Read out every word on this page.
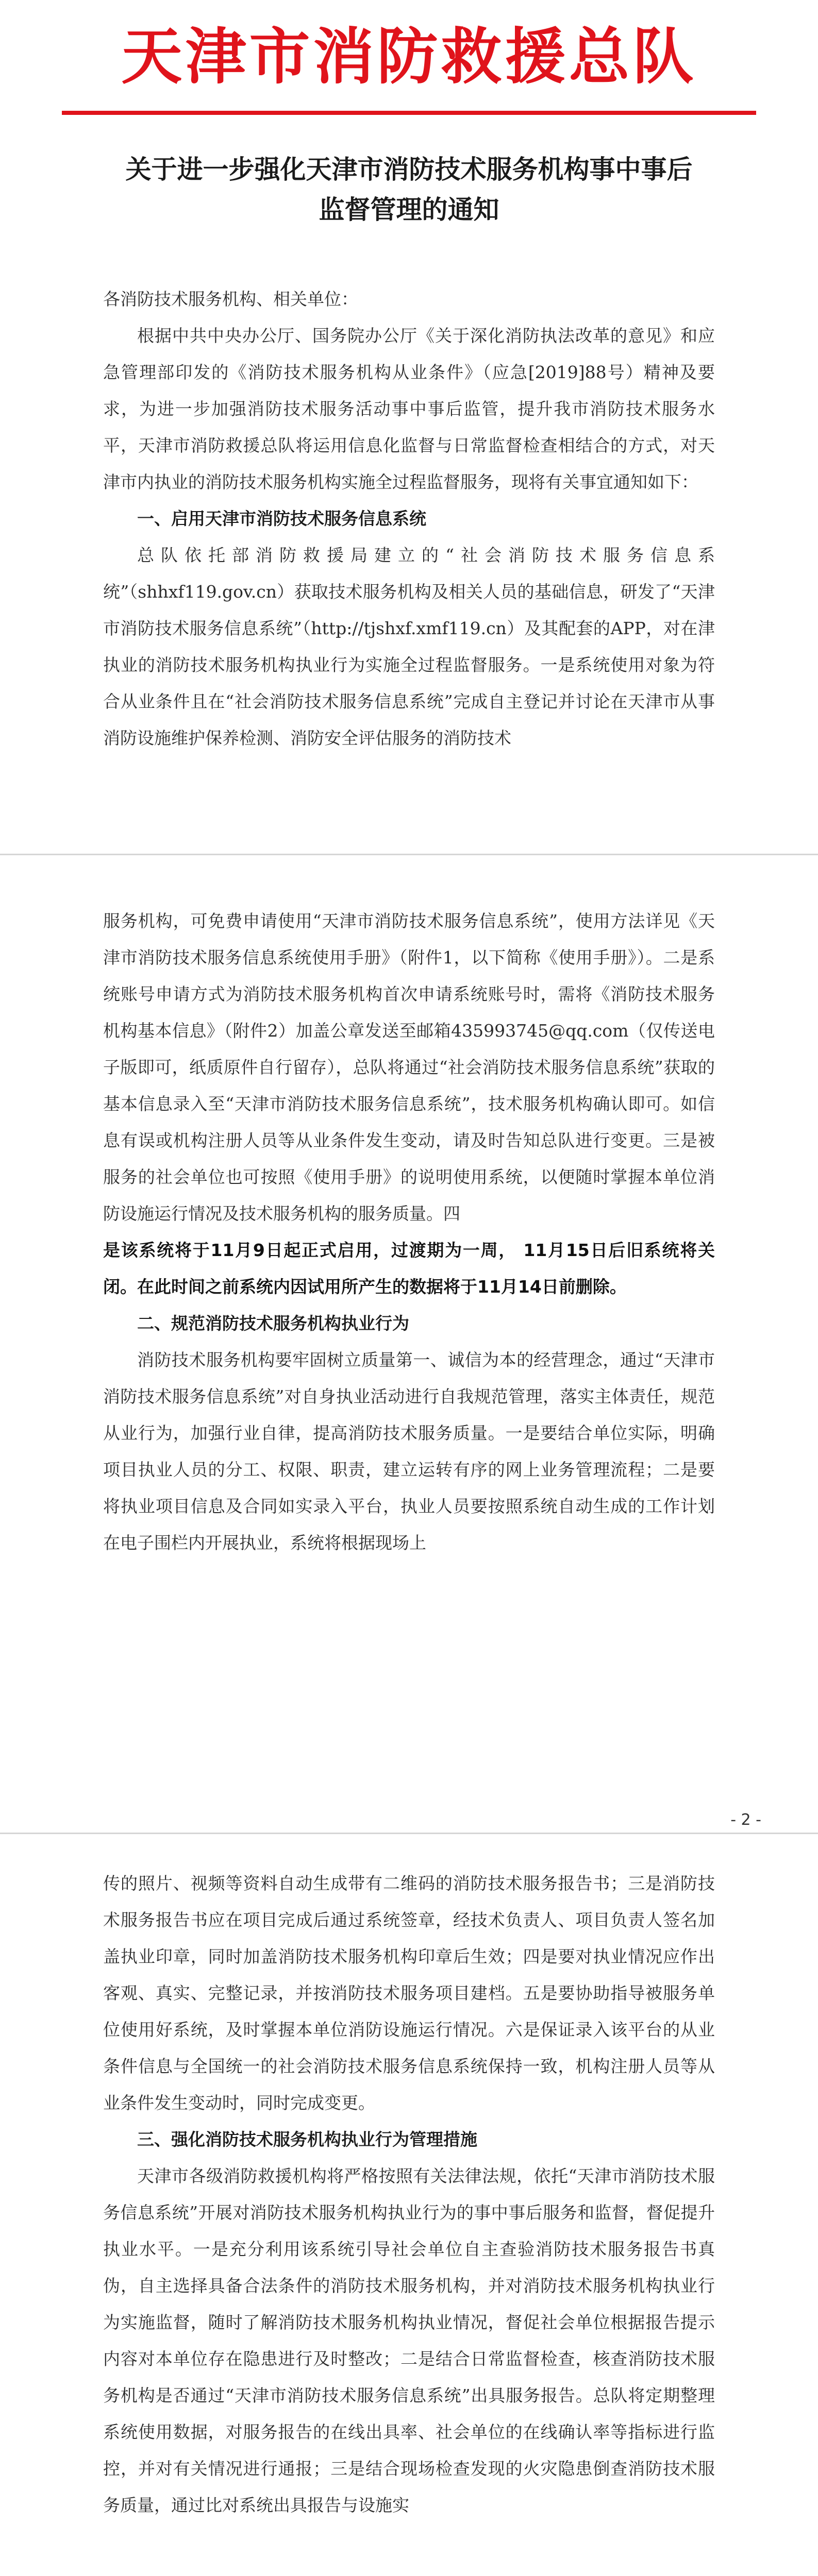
天津市消防救援总队
关于进一步强化天津市消防技术服务机构事中事后监督管理的通知

各消防技术服务机构、相关单位：

根据中共中央办公厅、国务院办公厅《关于深化消防执法改革的意见》和应急管理部印发的《消防技术服务机构从业条件》（应急[2019]88号）精神及要求，为进一步加强消防技术服务活动事中事后监管，提升我市消防技术服务水平，天津市消防救援总队将运用信息化监督与日常监督检查相结合的方式，对天津市内执业的消防技术服务机构实施全过程监督服务，现将有关事宜通知如下：

一、启用天津市消防技术服务信息系统

总队依托部消防救援局建立的“社会消防技术服务信息系统”（shhxf119.gov.cn）获取技术服务机构及相关人员的基础信息，研发了“天津市消防技术服务信息系统”（http://tjshxf.xmf119.cn）及其配套的APP，对在津执业的消防技术服务机构执业行为实施全过程监督服务。一是系统使用对象为符合从业条件且在“社会消防技术服务信息系统”完成自主登记并讨论在天津市从事消防设施维护保养检测、消防安全评估服务的消防技术

服务机构，可免费申请使用“天津市消防技术服务信息系统”，使用方法详见《天津市消防技术服务信息系统使用手册》（附件1，以下简称《使用手册》）。二是系统账号申请方式为消防技术服务机构首次申请系统账号时，需将《消防技术服务机构基本信息》（附件2）加盖公章发送至邮箱435993745@qq.com（仅传送电子版即可，纸质原件自行留存），总队将通过“社会消防技术服务信息系统”获取的基本信息录入至“天津市消防技术服务信息系统”，技术服务机构确认即可。如信息有误或机构注册人员等从业条件发生变动，请及时告知总队进行变更。三是被服务的社会单位也可按照《使用手册》的说明使用系统，以便随时掌握本单位消防设施运行情况及技术服务机构的服务质量。四

是该系统将于11月9日起正式启用，过渡期为一周， 11月15日后旧系统将关闭。在此时间之前系统内因试用所产生的数据将于11月14日前删除。

二、规范消防技术服务机构执业行为

消防技术服务机构要牢固树立质量第一、诚信为本的经营理念，通过“天津市消防技术服务信息系统”对自身执业活动进行自我规范管理，落实主体责任，规范从业行为，加强行业自律，提高消防技术服务质量。一是要结合单位实际，明确项目执业人员的分工、权限、职责，建立运转有序的网上业务管理流程；二是要将执业项目信息及合同如实录入平台，执业人员要按照系统自动生成的工作计划在电子围栏内开展执业，系统将根据现场上

- 2 -

传的照片、视频等资料自动生成带有二维码的消防技术服务报告书；三是消防技术服务报告书应在项目完成后通过系统签章，经技术负责人、项目负责人签名加盖执业印章，同时加盖消防技术服务机构印章后生效；四是要对执业情况应作出客观、真实、完整记录，并按消防技术服务项目建档。五是要协助指导被服务单位使用好系统，及时掌握本单位消防设施运行情况。六是保证录入该平台的从业条件信息与全国统一的社会消防技术服务信息系统保持一致，机构注册人员等从业条件发生变动时，同时完成变更。

三、强化消防技术服务机构执业行为管理措施

天津市各级消防救援机构将严格按照有关法律法规，依托“天津市消防技术服务信息系统”开展对消防技术服务机构执业行为的事中事后服务和监督，督促提升执业水平。一是充分利用该系统引导社会单位自主查验消防技术服务报告书真伪，自主选择具备合法条件的消防技术服务机构，并对消防技术服务机构执业行为实施监督，随时了解消防技术服务机构执业情况，督促社会单位根据报告提示内容对本单位存在隐患进行及时整改；二是结合日常监督检查，核查消防技术服务机构是否通过“天津市消防技术服务信息系统”出具服务报告。总队将定期整理系统使用数据，对服务报告的在线出具率、社会单位的在线确认率等指标进行监控，并对有关情况进行通报；三是结合现场检查发现的火灾隐患倒查消防技术服务质量，通过比对系统出具报告与设施实
